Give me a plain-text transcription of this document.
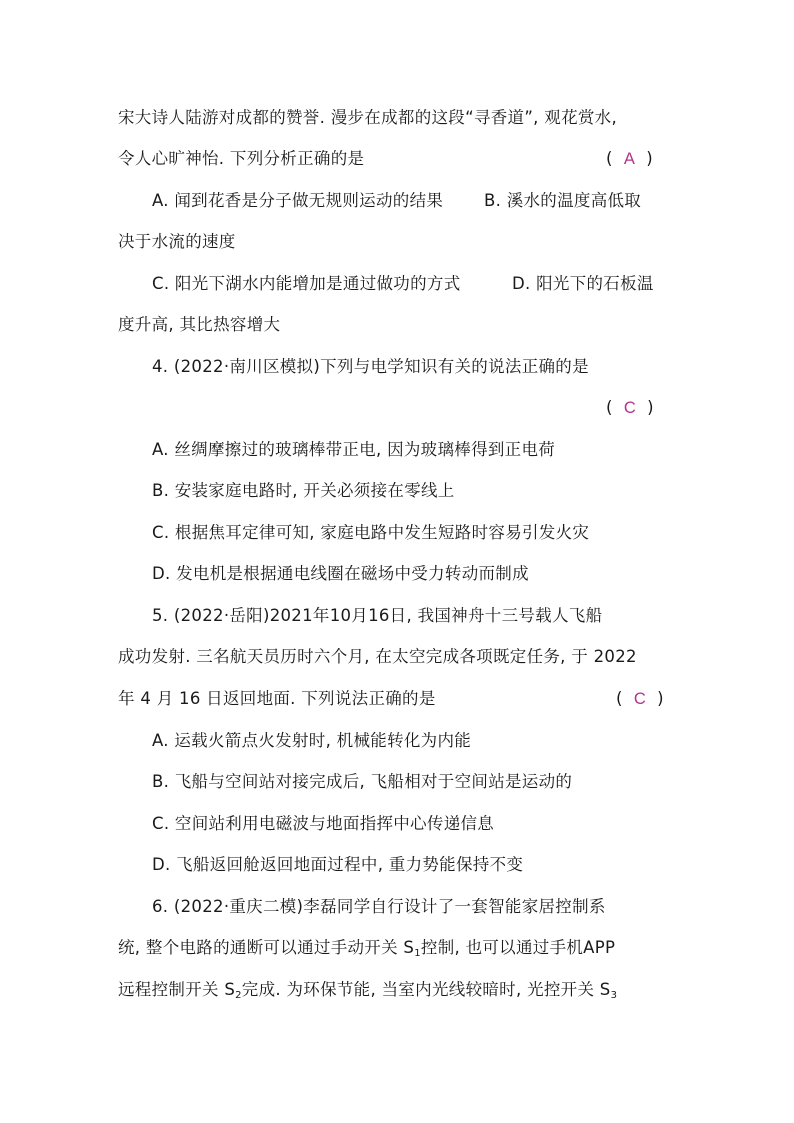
宋大诗人陆游对成都的赞誉. 漫步在成都的这段“寻香道”, 观花赏水,
令人心旷神怡. 下列分析正确的是	( A )
A. 闻到花香是分子做无规则运动的结果 B. 溪水的温度高低取
决于水流的速度
C. 阳光下湖水内能增加是通过做功的方式	D. 阳光下的石板温
度升高, 其比热容增大
4. (2022·南川区模拟)下列与电学知识有关的说法正确的是
( C )
A. 丝绸摩擦过的玻璃棒带正电, 因为玻璃棒得到正电荷
B. 安装家庭电路时, 开关必须接在零线上
C. 根据焦耳定律可知, 家庭电路中发生短路时容易引发火灾
D. 发电机是根据通电线圈在磁场中受力转动而制成
5. (2022·岳阳)2021年10月16日, 我国神舟十三号载人飞船
成功发射. 三名航天员历时六个月, 在太空完成各项既定任务, 于 2022
年 4 月 16 日返回地面. 下列说法正确的是	( C )
A. 运载火箭点火发射时, 机械能转化为内能
B. 飞船与空间站对接完成后, 飞船相对于空间站是运动的
C. 空间站利用电磁波与地面指挥中心传递信息
D. 飞船返回舱返回地面过程中, 重力势能保持不变
6. (2022·重庆二模)李磊同学自行设计了一套智能家居控制系
统, 整个电路的通断可以通过手动开关 $S_1$控制, 也可以通过手机APP
远程控制开关 $S_2$完成. 为环保节能, 当室内光线较暗时, 光控开关 $S_3$
